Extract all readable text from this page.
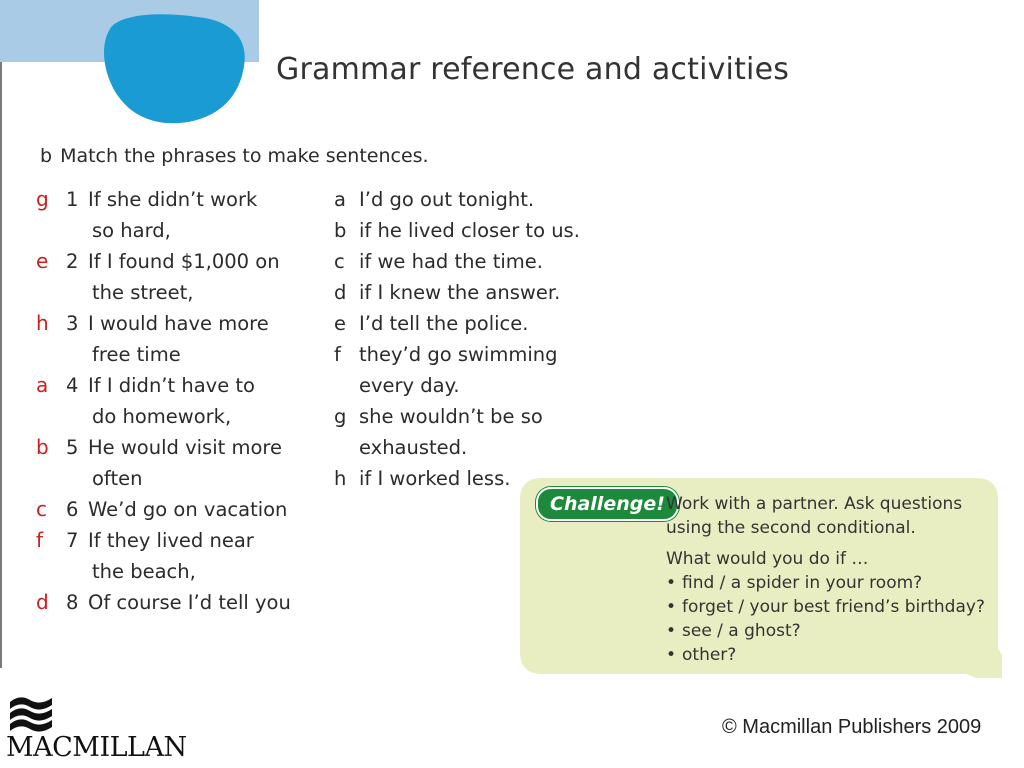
Grammar reference and activities
b Match the phrases to make sentences.
g 1 If she didn’t work
so hard,
e 2 If I found $1,000 on
the street,
h 3 I would have more
free time
a 4 If I didn’t have to
do homework,
b 5 He would visit more
often
c 6 We’d go on vacation
f	7 If they lived near
the beach,
d 8 Of course I’d tell you
a I’d go out tonight.
b if he lived closer to us.
c if we had the time.
d if I knew the answer.
e I’d tell the police.
f they’d go swimming
every day.
g she wouldn’t be so
exhausted.
h if I worked less.
Challenge! Work with a partner. Ask questions

using the second conditional.

What would you do if …

• find / a spider in your room?
• forget / your best friend’s birthday?
• see / a ghost?
• other?
MACMILLAN
© Macmillan Publishers 2009
